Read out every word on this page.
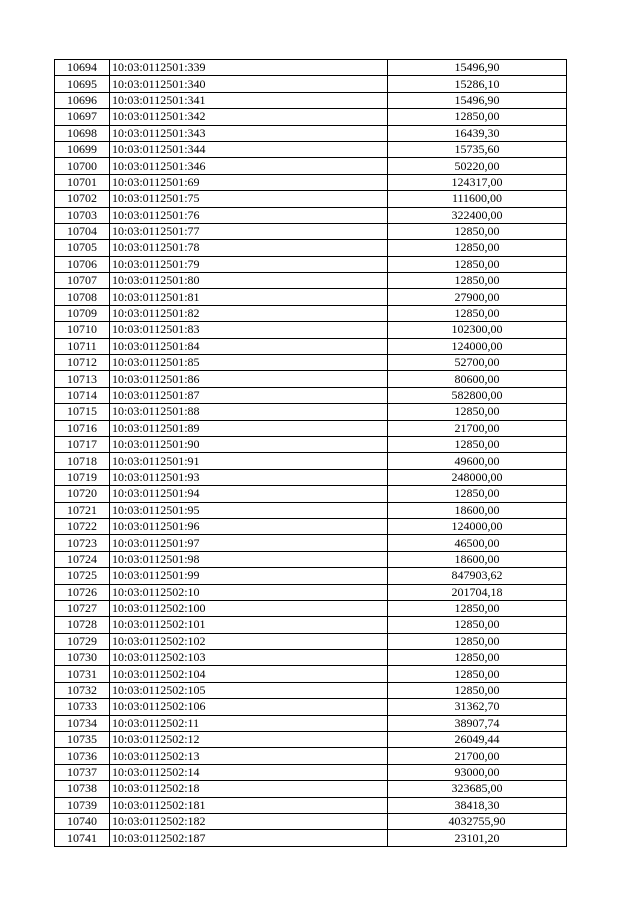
10694	10:03:0112501:339	15496,90
10695	10:03:0112501:340	15286,10
10696	10:03:0112501:341	15496,90
10697	10:03:0112501:342	12850,00
10698	10:03:0112501:343	16439,30
10699	10:03:0112501:344	15735,60
10700	10:03:0112501:346	50220,00
10701	10:03:0112501:69	124317,00
10702	10:03:0112501:75	111600,00
10703	10:03:0112501:76	322400,00
10704	10:03:0112501:77	12850,00
10705	10:03:0112501:78	12850,00
10706	10:03:0112501:79	12850,00
10707	10:03:0112501:80	12850,00
10708	10:03:0112501:81	27900,00
10709	10:03:0112501:82	12850,00
10710	10:03:0112501:83	102300,00
10711	10:03:0112501:84	124000,00
10712	10:03:0112501:85	52700,00
10713	10:03:0112501:86	80600,00
10714	10:03:0112501:87	582800,00
10715	10:03:0112501:88	12850,00
10716	10:03:0112501:89	21700,00
10717	10:03:0112501:90	12850,00
10718	10:03:0112501:91	49600,00
10719	10:03:0112501:93	248000,00
10720	10:03:0112501:94	12850,00
10721	10:03:0112501:95	18600,00
10722	10:03:0112501:96	124000,00
10723	10:03:0112501:97	46500,00
10724	10:03:0112501:98	18600,00
10725	10:03:0112501:99	847903,62
10726	10:03:0112502:10	201704,18
10727	10:03:0112502:100	12850,00
10728	10:03:0112502:101	12850,00
10729	10:03:0112502:102	12850,00
10730	10:03:0112502:103	12850,00
10731	10:03:0112502:104	12850,00
10732	10:03:0112502:105	12850,00
10733	10:03:0112502:106	31362,70
10734	10:03:0112502:11	38907,74
10735	10:03:0112502:12	26049,44
10736	10:03:0112502:13	21700,00
10737	10:03:0112502:14	93000,00
10738	10:03:0112502:18	323685,00
10739	10:03:0112502:181	38418,30
10740	10:03:0112502:182	4032755,90
10741	10:03:0112502:187	23101,20
